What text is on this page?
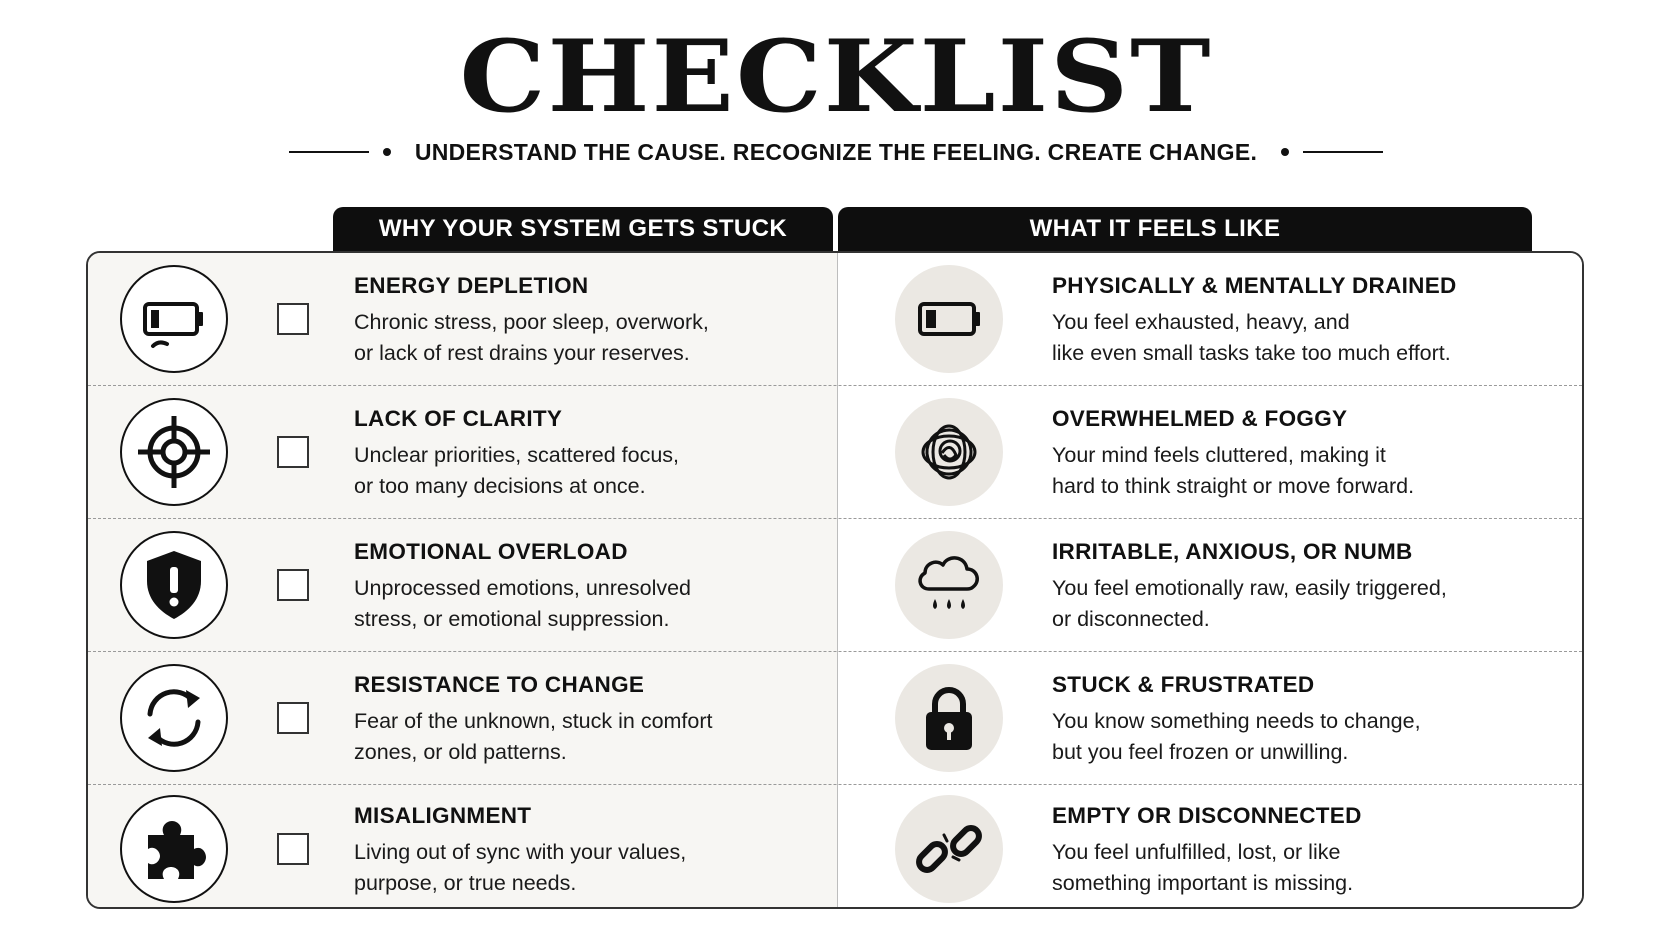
CHECKLIST
UNDERSTAND THE CAUSE. RECOGNIZE THE FEELING. CREATE CHANGE.
WHY YOUR SYSTEM GETS STUCK	WHAT IT FEELS LIKE

ENERGY DEPLETION

Chronic stress, poor sleep, overwork,

or lack of rest drains your reserves.

PHYSICALLY & MENTALLY DRAINED

You feel exhausted, heavy, and

like even small tasks take too much effort.

LACK OF CLARITY

Unclear priorities, scattered focus,

or too many decisions at once.

OVERWHELMED & FOGGY

Your mind feels cluttered, making it

hard to think straight or move forward.

EMOTIONAL OVERLOAD

Unprocessed emotions, unresolved

stress, or emotional suppression.

IRRITABLE, ANXIOUS, OR NUMB

You feel emotionally raw, easily triggered,

or disconnected.

RESISTANCE TO CHANGE

Fear of the unknown, stuck in comfort

zones, or old patterns.

STUCK & FRUSTRATED

You know something needs to change,

but you feel frozen or unwilling.

MISALIGNMENT

Living out of sync with your values,

purpose, or true needs.

EMPTY OR DISCONNECTED

You feel unfulfilled, lost, or like

something important is missing.
